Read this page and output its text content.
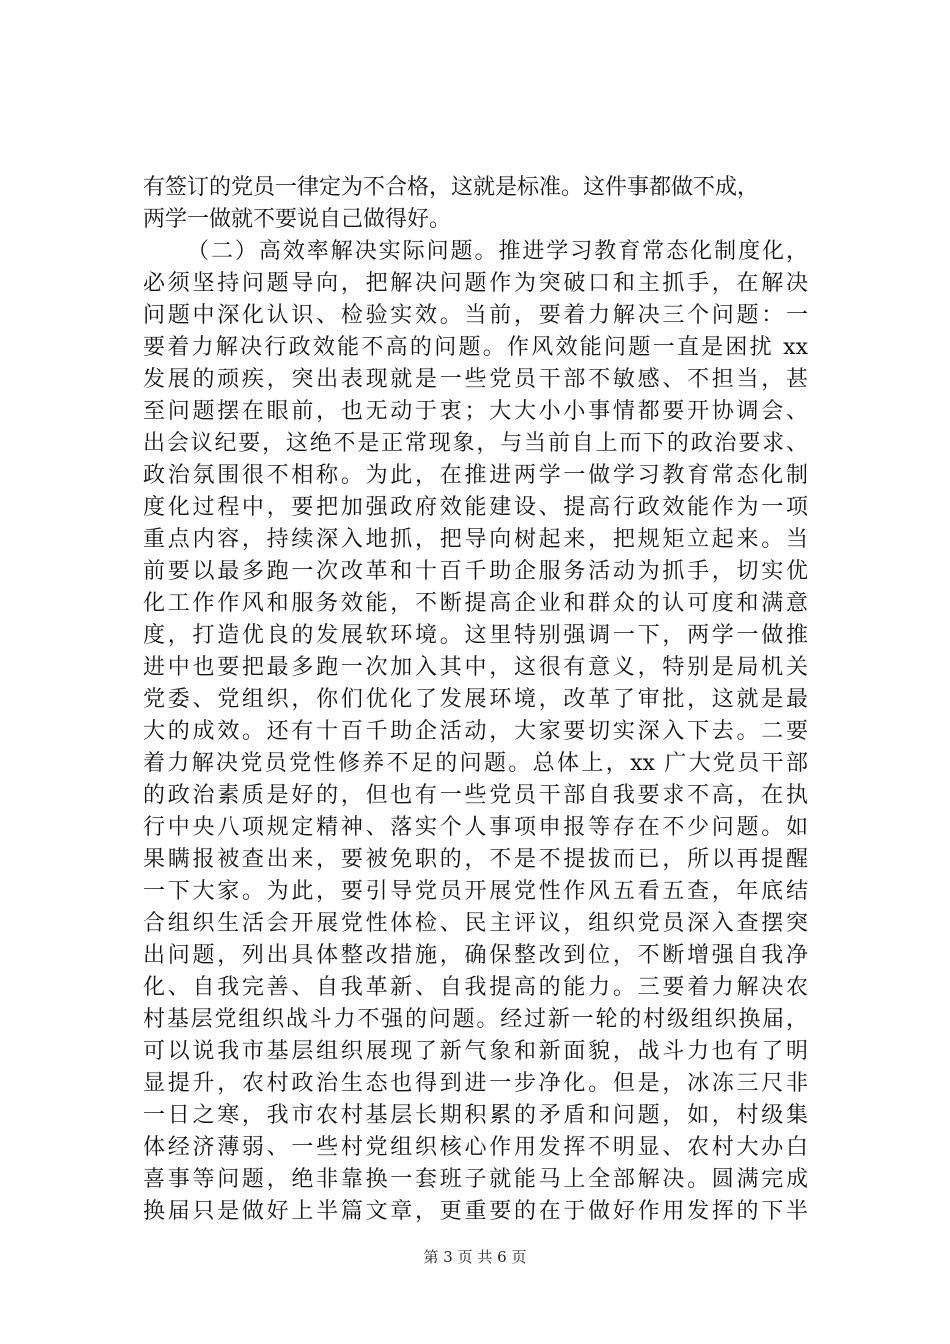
有签订的党员一律定为不合格，这就是标准。这件事都做不成，
两学一做就不要说自己做得好。
（二）高效率解决实际问题。推进学习教育常态化制度化，
必须坚持问题导向，把解决问题作为突破口和主抓手，在解决
问题中深化认识、检验实效。当前，要着力解决三个问题：一
要着力解决行政效能不高的问题。作风效能问题一直是困扰 xx
发展的顽疾，突出表现就是一些党员干部不敏感、不担当，甚
至问题摆在眼前，也无动于衷；大大小小事情都要开协调会、
出会议纪要，这绝不是正常现象，与当前自上而下的政治要求、
政治氛围很不相称。为此，在推进两学一做学习教育常态化制
度化过程中，要把加强政府效能建设、提高行政效能作为一项
重点内容，持续深入地抓，把导向树起来，把规矩立起来。当
前要以最多跑一次改革和十百千助企服务活动为抓手，切实优
化工作作风和服务效能，不断提高企业和群众的认可度和满意
度，打造优良的发展软环境。这里特别强调一下，两学一做推
进中也要把最多跑一次加入其中，这很有意义，特别是局机关
党委、党组织，你们优化了发展环境，改革了审批，这就是最
大的成效。还有十百千助企活动，大家要切实深入下去。二要
着力解决党员党性修养不足的问题。总体上，xx 广大党员干部
的政治素质是好的，但也有一些党员干部自我要求不高，在执
行中央八项规定精神、落实个人事项申报等存在不少问题。如
果瞒报被查出来，要被免职的，不是不提拔而已，所以再提醒
一下大家。为此，要引导党员开展党性作风五看五查，年底结
合组织生活会开展党性体检、民主评议，组织党员深入查摆突
出问题，列出具体整改措施，确保整改到位，不断增强自我净
化、自我完善、自我革新、自我提高的能力。三要着力解决农
村基层党组织战斗力不强的问题。经过新一轮的村级组织换届，
可以说我市基层组织展现了新气象和新面貌，战斗力也有了明
显提升，农村政治生态也得到进一步净化。但是，冰冻三尺非
一日之寒，我市农村基层长期积累的矛盾和问题，如，村级集
体经济薄弱、一些村党组织核心作用发挥不明显、农村大办白
喜事等问题，绝非靠换一套班子就能马上全部解决。圆满完成
换届只是做好上半篇文章，更重要的在于做好作用发挥的下半
第 3 页 共 6 页
